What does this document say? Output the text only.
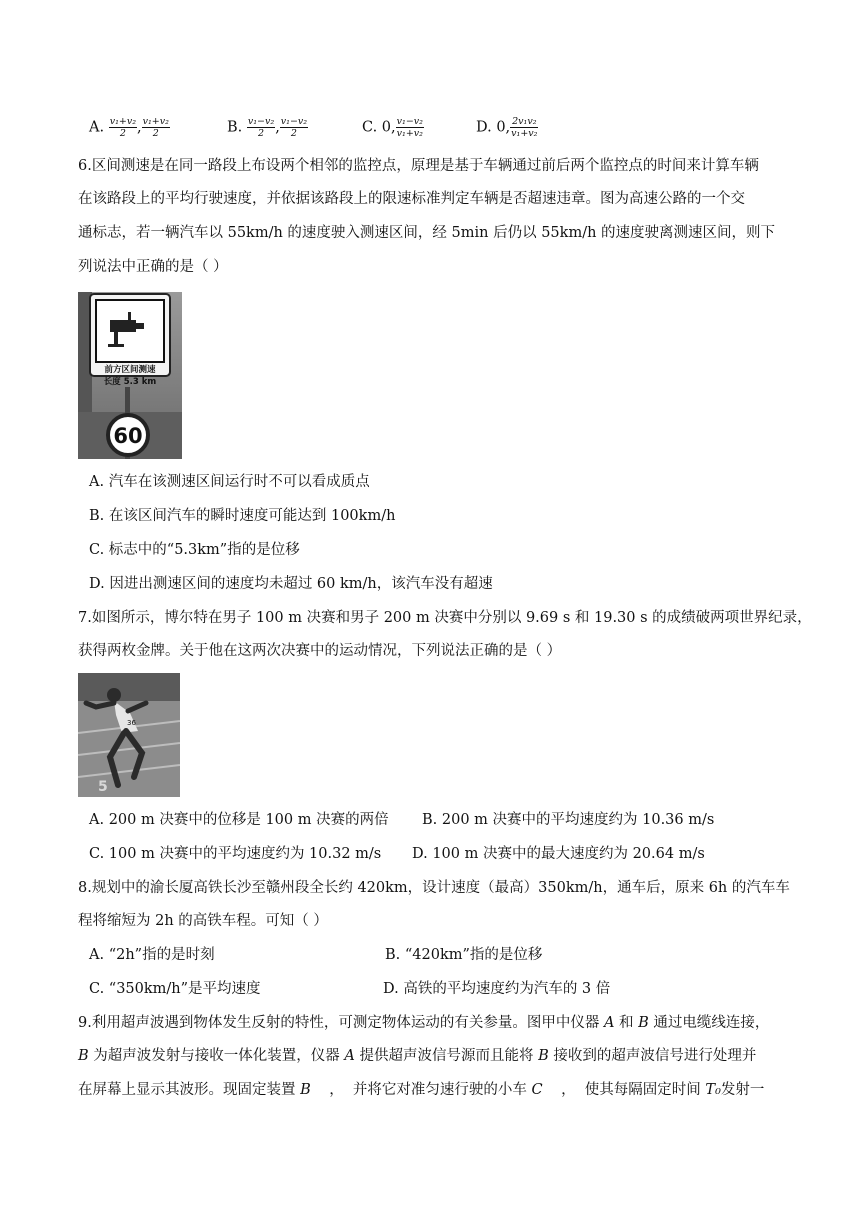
A. $\frac{\text{v₁+v₂}}{2}$ , $\frac{\text{v₁+v₂}}{2}$	B. $\frac{\text{v₁−v₂}}{2}$ , $\frac{\text{v₁−v₂}}{2}$	C. 0, $\frac{\text{v₁−v₂}}{\text{v₁+v₂}}$	D. 0, $\frac{\text{2v₁v₂}}{\text{v₁+v₂}}$
6.区间测速是在同一路段上布设两个相邻的监控点，原理是基于车辆通过前后两个监控点的时间来计算车辆
在该路段上的平均行驶速度，并依据该路段上的限速标准判定车辆是否超速违章。图为高速公路的一个交
通标志，若一辆汽车以 55km/h 的速度驶入测速区间，经 5min 后仍以 55km/h 的速度驶离测速区间，则下
列说法中正确的是（ ）
前方区间测速
长度 5.3 km
60
A. 汽车在该测速区间运行时不可以看成质点
B. 在该区间汽车的瞬时速度可能达到 100km/h
C. 标志中的“5.3km”指的是位移
D. 因进出测速区间的速度均未超过 60 km/h，该汽车没有超速
7.如图所示，博尔特在男子 100 m 决赛和男子 200 m 决赛中分别以 9.69 s 和 19.30 s 的成绩破两项世界纪录，
获得两枚金牌。关于他在这两次决赛中的运动情况，下列说法正确的是（ ）
5
36
A. 200 m 决赛中的位移是 100 m 决赛的两倍 B. 200 m 决赛中的平均速度约为 10.36 m/s
C. 100 m 决赛中的平均速度约为 10.32 m/s D. 100 m 决赛中的最大速度约为 20.64 m/s
8.规划中的渝长厦高铁长沙至赣州段全长约 420km，设计速度（最高）350km/h，通车后，原来 6h 的汽车车
程将缩短为 2h 的高铁车程。可知（ ）
A. “2h”指的是时刻	B. “420km”指的是位移
C. “350km/h”是平均速度	D. 高铁的平均速度约为汽车的 3 倍
9.利用超声波遇到物体发生反射的特性，可测定物体运动的有关参量。图甲中仪器 A 和 B 通过电缆线连接，
B 为超声波发射与接收一体化装置，仪器 A 提供超声波信号源而且能将 B 接收到的超声波信号进行处理并
在屏幕上显示其波形。现固定装置 B    ，  并将它对准匀速行驶的小车 C    ，  使其每隔固定时间 T₀发射一
